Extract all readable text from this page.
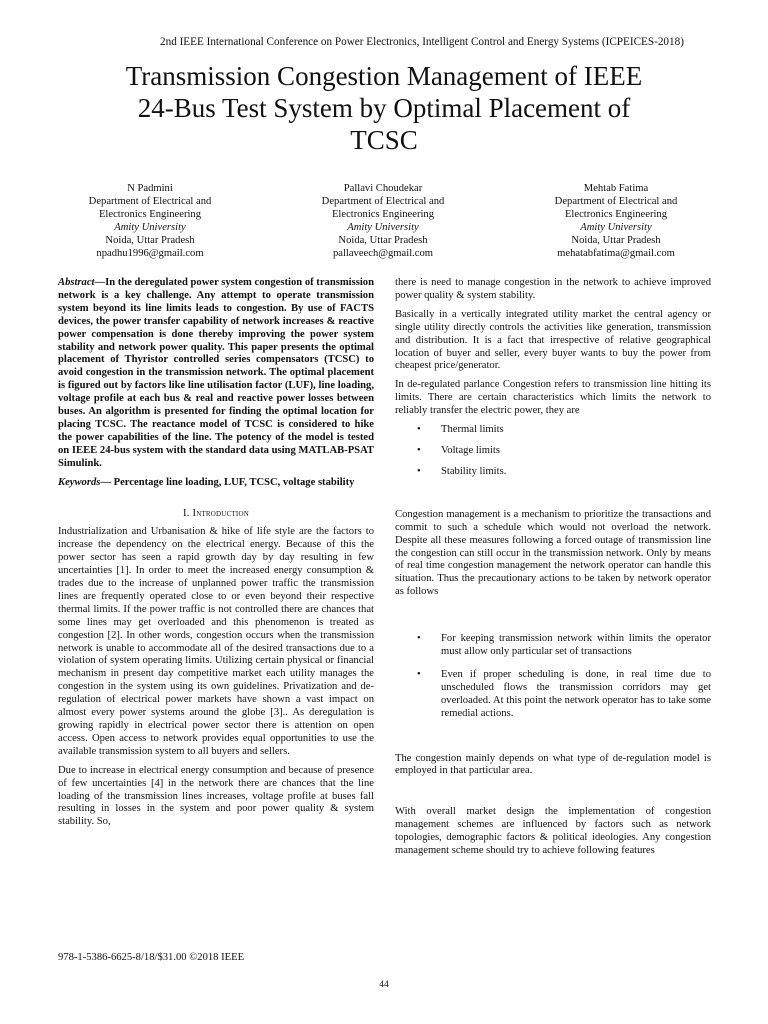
2nd IEEE International Conference on Power Electronics, Intelligent Control and Energy Systems (ICPEICES-2018)
Transmission Congestion Management of IEEE
24-Bus Test System by Optimal Placement of
TCSC
N Padmini
Department of Electrical and
Electronics Engineering
Amity University
Noida, Uttar Pradesh
npadhu1996@gmail.com
Pallavi Choudekar
Department of Electrical and
Electronics Engineering
Amity University
Noida, Uttar Pradesh
pallaveech@gmail.com
Mehtab Fatima
Department of Electrical and
Electronics Engineering
Amity University
Noida, Uttar Pradesh
mehatabfatima@gmail.com

Abstract—In the deregulated power system congestion of transmission network is a key challenge. Any attempt to operate transmission system beyond its line limits leads to congestion. By use of FACTS devices, the power transfer capability of network increases & reactive power compensation is done thereby improving the power system stability and network power quality. This paper presents the optimal placement of Thyristor controlled series compensators (TCSC) to avoid congestion in the transmission network. The optimal placement is figured out by factors like line utilisation factor (LUF), line loading, voltage profile at each bus & real and reactive power losses between buses. An algorithm is presented for finding the optimal location for placing TCSC. The reactance model of TCSC is considered to hike the power capabilities of the line. The potency of the model is tested on IEEE 24-bus system with the standard data using MATLAB-PSAT Simulink.

Keywords— Percentage line loading, LUF, TCSC, voltage stability

I. Introduction

Industrialization and Urbanisation & hike of life style are the factors to increase the dependency on the electrical energy. Because of this the power sector has seen a rapid growth day by day resulting in few uncertainties [1]. In order to meet the increased energy consumption & trades due to the increase of unplanned power traffic the transmission lines are frequently operated close to or even beyond their respective thermal limits. If the power traffic is not controlled there are chances that some lines may get overloaded and this phenomenon is treated as congestion [2]. In other words, congestion occurs when the transmission network is unable to accommodate all of the desired transactions due to a violation of system operating limits. Utilizing certain physical or financial mechanism in present day competitive market each utility manages the congestion in the system using its own guidelines. Privatization and de-regulation of electrical power markets have shown a vast impact on almost every power systems around the globe [3].. As deregulation is growing rapidly in electrical power sector there is attention on open access. Open access to network provides equal opportunities to use the available transmission system to all buyers and sellers.

Due to increase in electrical energy consumption and because of presence of few uncertainties [4] in the network there are chances that the line loading of the transmission lines increases, voltage profile at buses fall resulting in losses in the system and poor power quality & system stability. So,

there is need to manage congestion in the network to achieve improved power quality & system stability.

Basically in a vertically integrated utility market the central agency or single utility directly controls the activities like generation, transmission and distribution. It is a fact that irrespective of relative geographical location of buyer and seller, every buyer wants to buy the power from cheapest price/generator.

In de-regulated parlance Congestion refers to transmission line hitting its limits. There are certain characteristics which limits the network to reliably transfer the electric power, they are

• Thermal limits
• Voltage limits
• Stability limits.

Congestion management is a mechanism to prioritize the transactions and commit to such a schedule which would not overload the network. Despite all these measures following a forced outage of transmission line the congestion can still occur in the transmission network. Only by means of real time congestion management the network operator can handle this situation. Thus the precautionary actions to be taken by network operator as follows

• For keeping transmission network within limits the operator must allow only particular set of transactions
• Even if proper scheduling is done, in real time due to unscheduled flows the transmission corridors may get overloaded. At this point the network operator has to take some remedial actions.

The congestion mainly depends on what type of de-regulation model is employed in that particular area.

With overall market design the implementation of congestion management schemes are influenced by factors such as network topologies, demographic factors & political ideologies. Any congestion management scheme should try to achieve following features

978-1-5386-6625-8/18/$31.00 ©2018 IEEE
44
